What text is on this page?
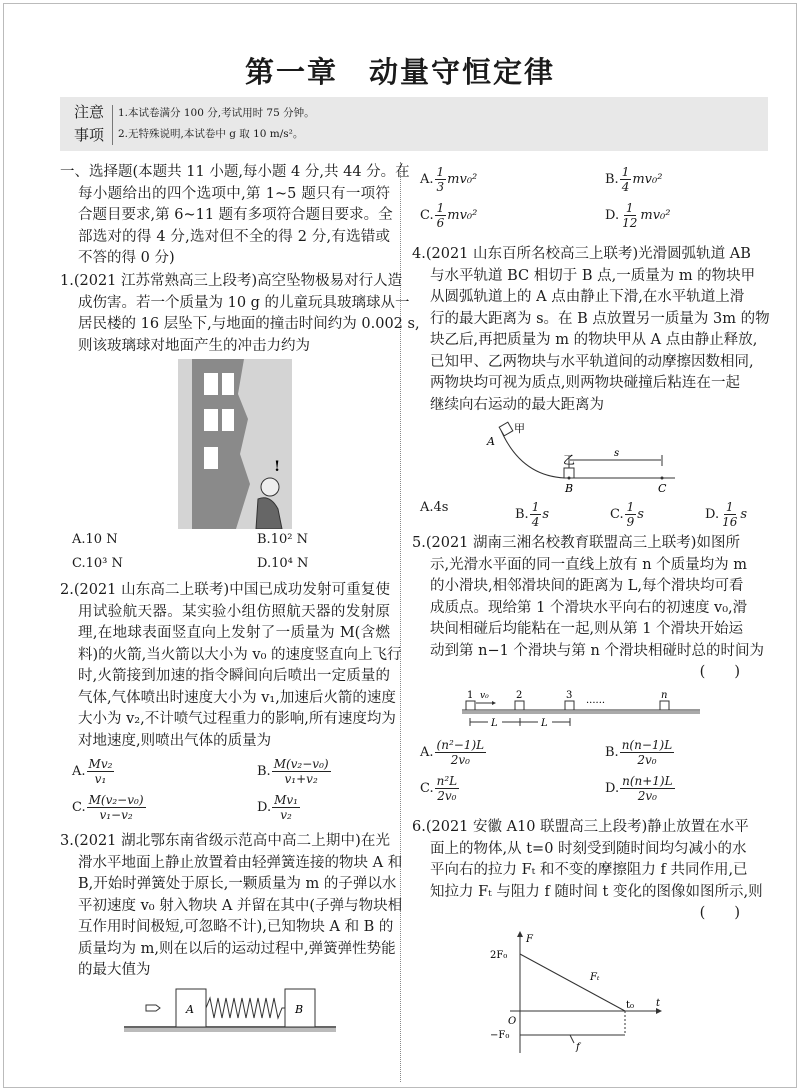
第一章　动量守恒定律
注意
事项
1.本试卷满分 100 分,考试用时 75 分钟。
2.无特殊说明,本试卷中 g 取 10 m/s²。
一、选择题(本题共 11 小题,每小题 4 分,共 44 分。在
每小题给出的四个选项中,第 1~5 题只有一项符
合题目要求,第 6~11 题有多项符合题目要求。全
部选对的得 4 分,选对但不全的得 2 分,有选错或
不答的得 0 分)
1.(2021 江苏常熟高三上段考)高空坠物极易对行人造
成伤害。若一个质量为 10 g 的儿童玩具玻璃球从一
居民楼的 16 层坠下,与地面的撞击时间约为 0.002 s,
则该玻璃球对地面产生的冲击力约为
A. 10 N	B. 10² N
C. 10³ N	D. 10⁴ N
2.(2021 山东高二上联考)中国已成功发射可重复使
用试验航天器。某实验小组仿照航天器的发射原
理,在地球表面竖直向上发射了一质量为 M(含燃
料)的火箭,当火箭以大小为 v₀ 的速度竖直向上飞行
时,火箭接到加速的指令瞬间向后喷出一定质量的
气体,气体喷出时速度大小为 v₁,加速后火箭的速度
大小为 v₂,不计喷气过程重力的影响,所有速度均为
对地速度,则喷出气体的质量为
A. $\frac{\text{Mv₂}}{\text{v₁}}$	B. $\frac{\text{M(v₂−v₀)}}{\text{v₁+v₂}}$
C. $\frac{\text{M(v₂−v₀)}}{\text{v₁−v₂}}$	D. $\frac{\text{Mv₁}}{\text{v₂}}$
3.(2021 湖北鄂东南省级示范高中高二上期中)在光
滑水平地面上静止放置着由轻弹簧连接的物块 A 和
B,开始时弹簧处于原长,一颗质量为 m 的子弹以水
平初速度 v₀ 射入物块 A 并留在其中(子弹与物块相
互作用时间极短,可忽略不计),已知物块 A 和 B 的
质量均为 m,则在以后的运动过程中,弹簧弹性势能
的最大值为
A. $\frac{1}{3} mv_0^2$	B. $\frac{1}{4} mv_0^2$
C. $\frac{1}{6} mv_0^2$	D. $\frac{1}{12} mv_0^2$
4.(2021 山东百所名校高三上联考)光滑圆弧轨道 AB
与水平轨道 BC 相切于 B 点,一质量为 m 的物块甲
从圆弧轨道上的 A 点由静止下滑,在水平轨道上滑
行的最大距离为 s。在 B 点放置另一质量为 3m 的物
块乙后,再把质量为 m 的物块甲从 A 点由静止释放,
已知甲、乙两物块与水平轨道间的动摩擦因数相同,
两物块均可视为质点,则两物块碰撞后粘连在一起
继续向右运动的最大距离为
A. 4s	B. $\frac{1}{4}$ s	C. $\frac{1}{9}$ s	D. $\frac{1}{16}$ s
5.(2021 湖南三湘名校教育联盟高三上联考)如图所
示,光滑水平面的同一直线上放有 n 个质量均为 m
的小滑块,相邻滑块间的距离为 L,每个滑块均可看
成质点。现给第 1 个滑块水平向右的初速度 v₀,滑
块间相碰后均能粘在一起,则从第 1 个滑块开始运
动到第 n−1 个滑块与第 n 个滑块相碰时总的时间为
(　　)
A. $\frac{\text{(n²−1)L}}{\text{2v₀}}$	B. $\frac{n(n-1)L}{\text{2v₀}}$
C. $\frac{\text{n²L}}{\text{2v₀}}$	D. $\frac{n(n+1)L}{\text{2v₀}}$
6.(2021 安徽 A10 联盟高三上段考)静止放置在水平
面上的物体,从 t=0 时刻受到随时间均匀减小的水
平向右的拉力 Fₜ 和不变的摩擦阻力 f 共同作用,已
知拉力 Fₜ 与阻力 f 随时间 t 变化的图像如图所示,则
(　　)
!
A	B
甲
A
乙	s
B	C
1 v₀	2	3
······
n
L	L
F
2F₀
O
−F₀
t₀ t
Fₜ
f
